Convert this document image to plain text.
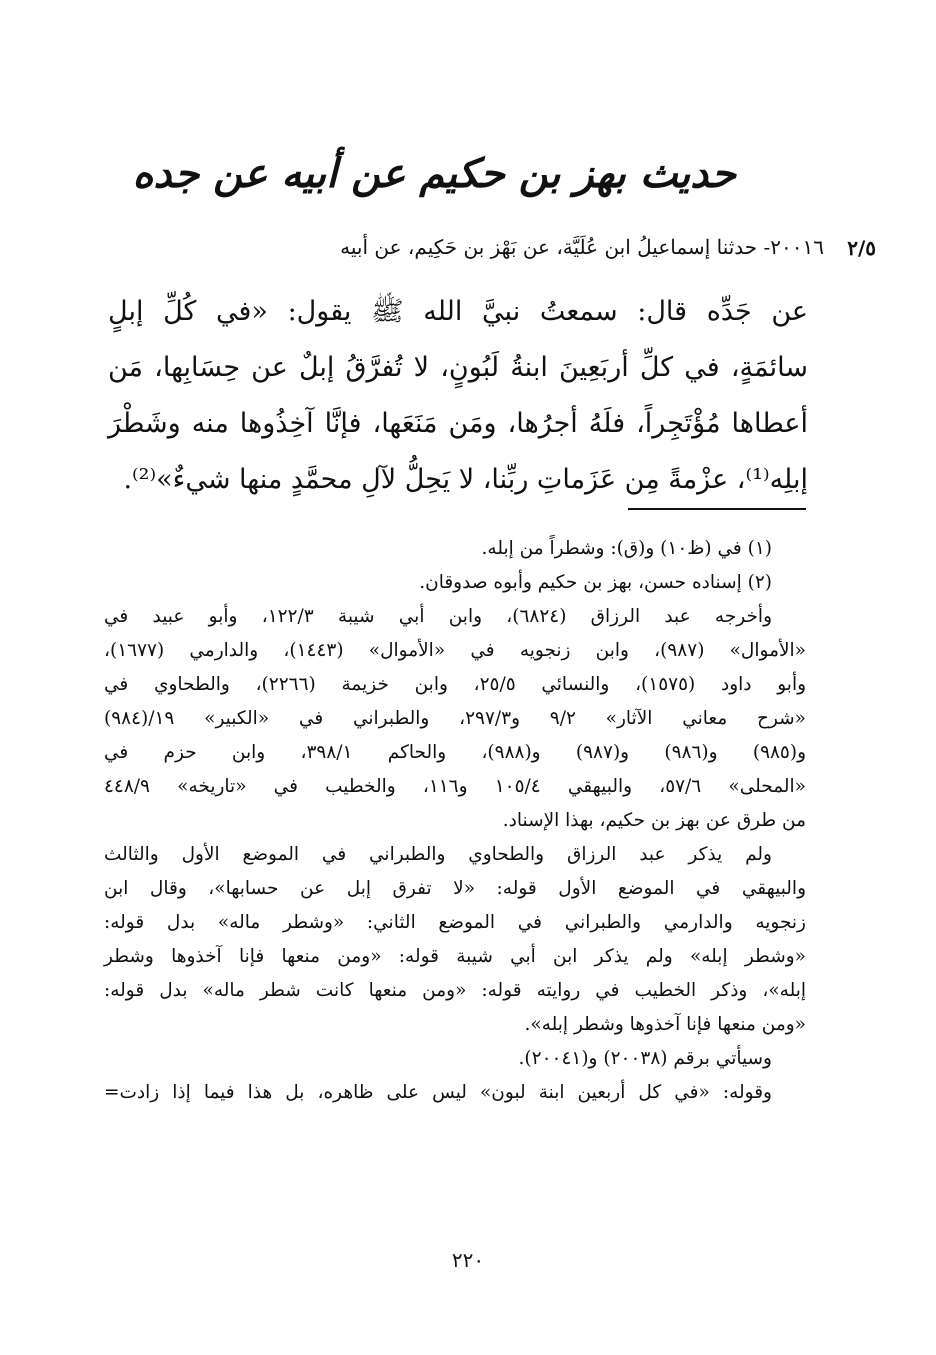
حديث بهز بن حكيم عن أبيه عن جده
٢/٥
٢٠٠١٦- حدثنا إسماعيلُ ابن عُلَيَّة، عن بَهْز بن حَكِيم، عن أبيه
عن جَدِّه قال: سمعتُ نبيَّ الله ﷺ يقول: «في كُلِّ إبلٍ
سائمَةٍ، في كلِّ أربَعِينَ ابنةُ لَبُونٍ، لا تُفرَّقُ إبلٌ عن حِسَابِها، مَن
أعطاها مُؤْتَجِراً، فلَهُ أجرُها، ومَن مَنَعَها، فإنَّا آخِذُوها منه وشَطْرَ
إبلِه⁽¹⁾، عزْمةً مِن عَزَماتِ ربِّنا، لا يَحِلُّ لآلِ محمَّدٍ منها شيءٌ»⁽²⁾.
(١) في (ظ١٠) و(ق): وشطراً من إبله.
(٢) إسناده حسن، بهز بن حكيم وأبوه صدوقان.
وأخرجه عبد الرزاق (٦٨٢٤)، وابن أبي شيبة ١٢٢/٣، وأبو عبيد في
«الأموال» (٩٨٧)، وابن زنجويه في «الأموال» (١٤٤٣)، والدارمي (١٦٧٧)،
وأبو داود (١٥٧٥)، والنسائي ٢٥/٥، وابن خزيمة (٢٢٦٦)، والطحاوي في
«شرح معاني الآثار» ٩/٢ و٢٩٧/٣، والطبراني في «الكبير» ١٩/(٩٨٤)
و(٩٨٥) و(٩٨٦) و(٩٨٧) و(٩٨٨)، والحاكم ٣٩٨/١، وابن حزم في
«المحلى» ٥٧/٦، والبيهقي ١٠٥/٤ و١١٦، والخطيب في «تاريخه» ٤٤٨/٩
من طرق عن بهز بن حكيم، بهذا الإسناد.
ولم يذكر عبد الرزاق والطحاوي والطبراني في الموضع الأول والثالث
والبيهقي في الموضع الأول قوله: «لا تفرق إبل عن حسابها»، وقال ابن
زنجويه والدارمي والطبراني في الموضع الثاني: «وشطر ماله» بدل قوله:
«وشطر إبله» ولم يذكر ابن أبي شيبة قوله: «ومن منعها فإنا آخذوها وشطر
إبله»، وذكر الخطيب في روايته قوله: «ومن منعها كانت شطر ماله» بدل قوله:
«ومن منعها فإنا آخذوها وشطر إبله».
وسيأتي برقم (٢٠٠٣٨) و(٢٠٠٤١).
وقوله: «في كل أربعين ابنة لبون» ليس على ظاهره، بل هذا فيما إذا زادت=
٢٢٠
